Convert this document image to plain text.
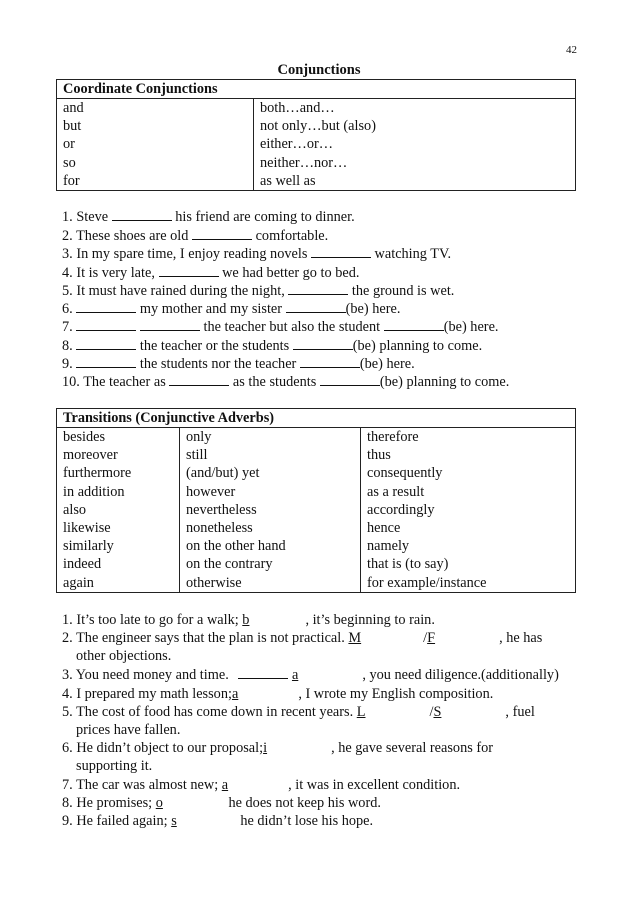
42
Conjunctions
Coordinate Conjunctions	
and	both…and…
but	not only…but (also)
or	either…or…
so	neither…nor…
for	as well as
1. Steve	his friend are coming to dinner.
2. These shoes are old	comfortable.
3. In my spare time, I enjoy reading novels	watching TV.
4. It is very late,	we had better go to bed.
5. It must have rained during the night,	the ground is wet.
6.	my mother and my sister	(be) here.
7.	the teacher but also the student	(be) here.
8.	the teacher or the students	(be) planning to come.
9.	the students nor the teacher	(be) here.
10. The teacher as	as the students	(be) planning to come.
Transitions (Conjunctive Adverbs)		
besides	only	therefore
moreover	still	thus
furthermore	(and/but) yet	consequently
in addition	however	as a result
also	nevertheless	accordingly
likewise	nonetheless	hence
similarly	on the other hand	namely
indeed	on the contrary	that is (to say)
again	otherwise	for example/instance
1. It’s too late to go for a walk; b	, it’s beginning to rain.
2. The engineer says that the plan is not practical. M	/F	, he has
other objections.
3. You need money and time.	a	, you need diligence.(additionally)
4. I prepared my math lesson;a	, I wrote my English composition.
5. The cost of food has come down in recent years. L	/S	, fuel
prices have fallen.
6. He didn’t object to our proposal;i	, he gave several reasons for
supporting it.
7. The car was almost new; a	, it was in excellent condition.
8. He promises; o	he does not keep his word.
9. He failed again; s	he didn’t lose his hope.
